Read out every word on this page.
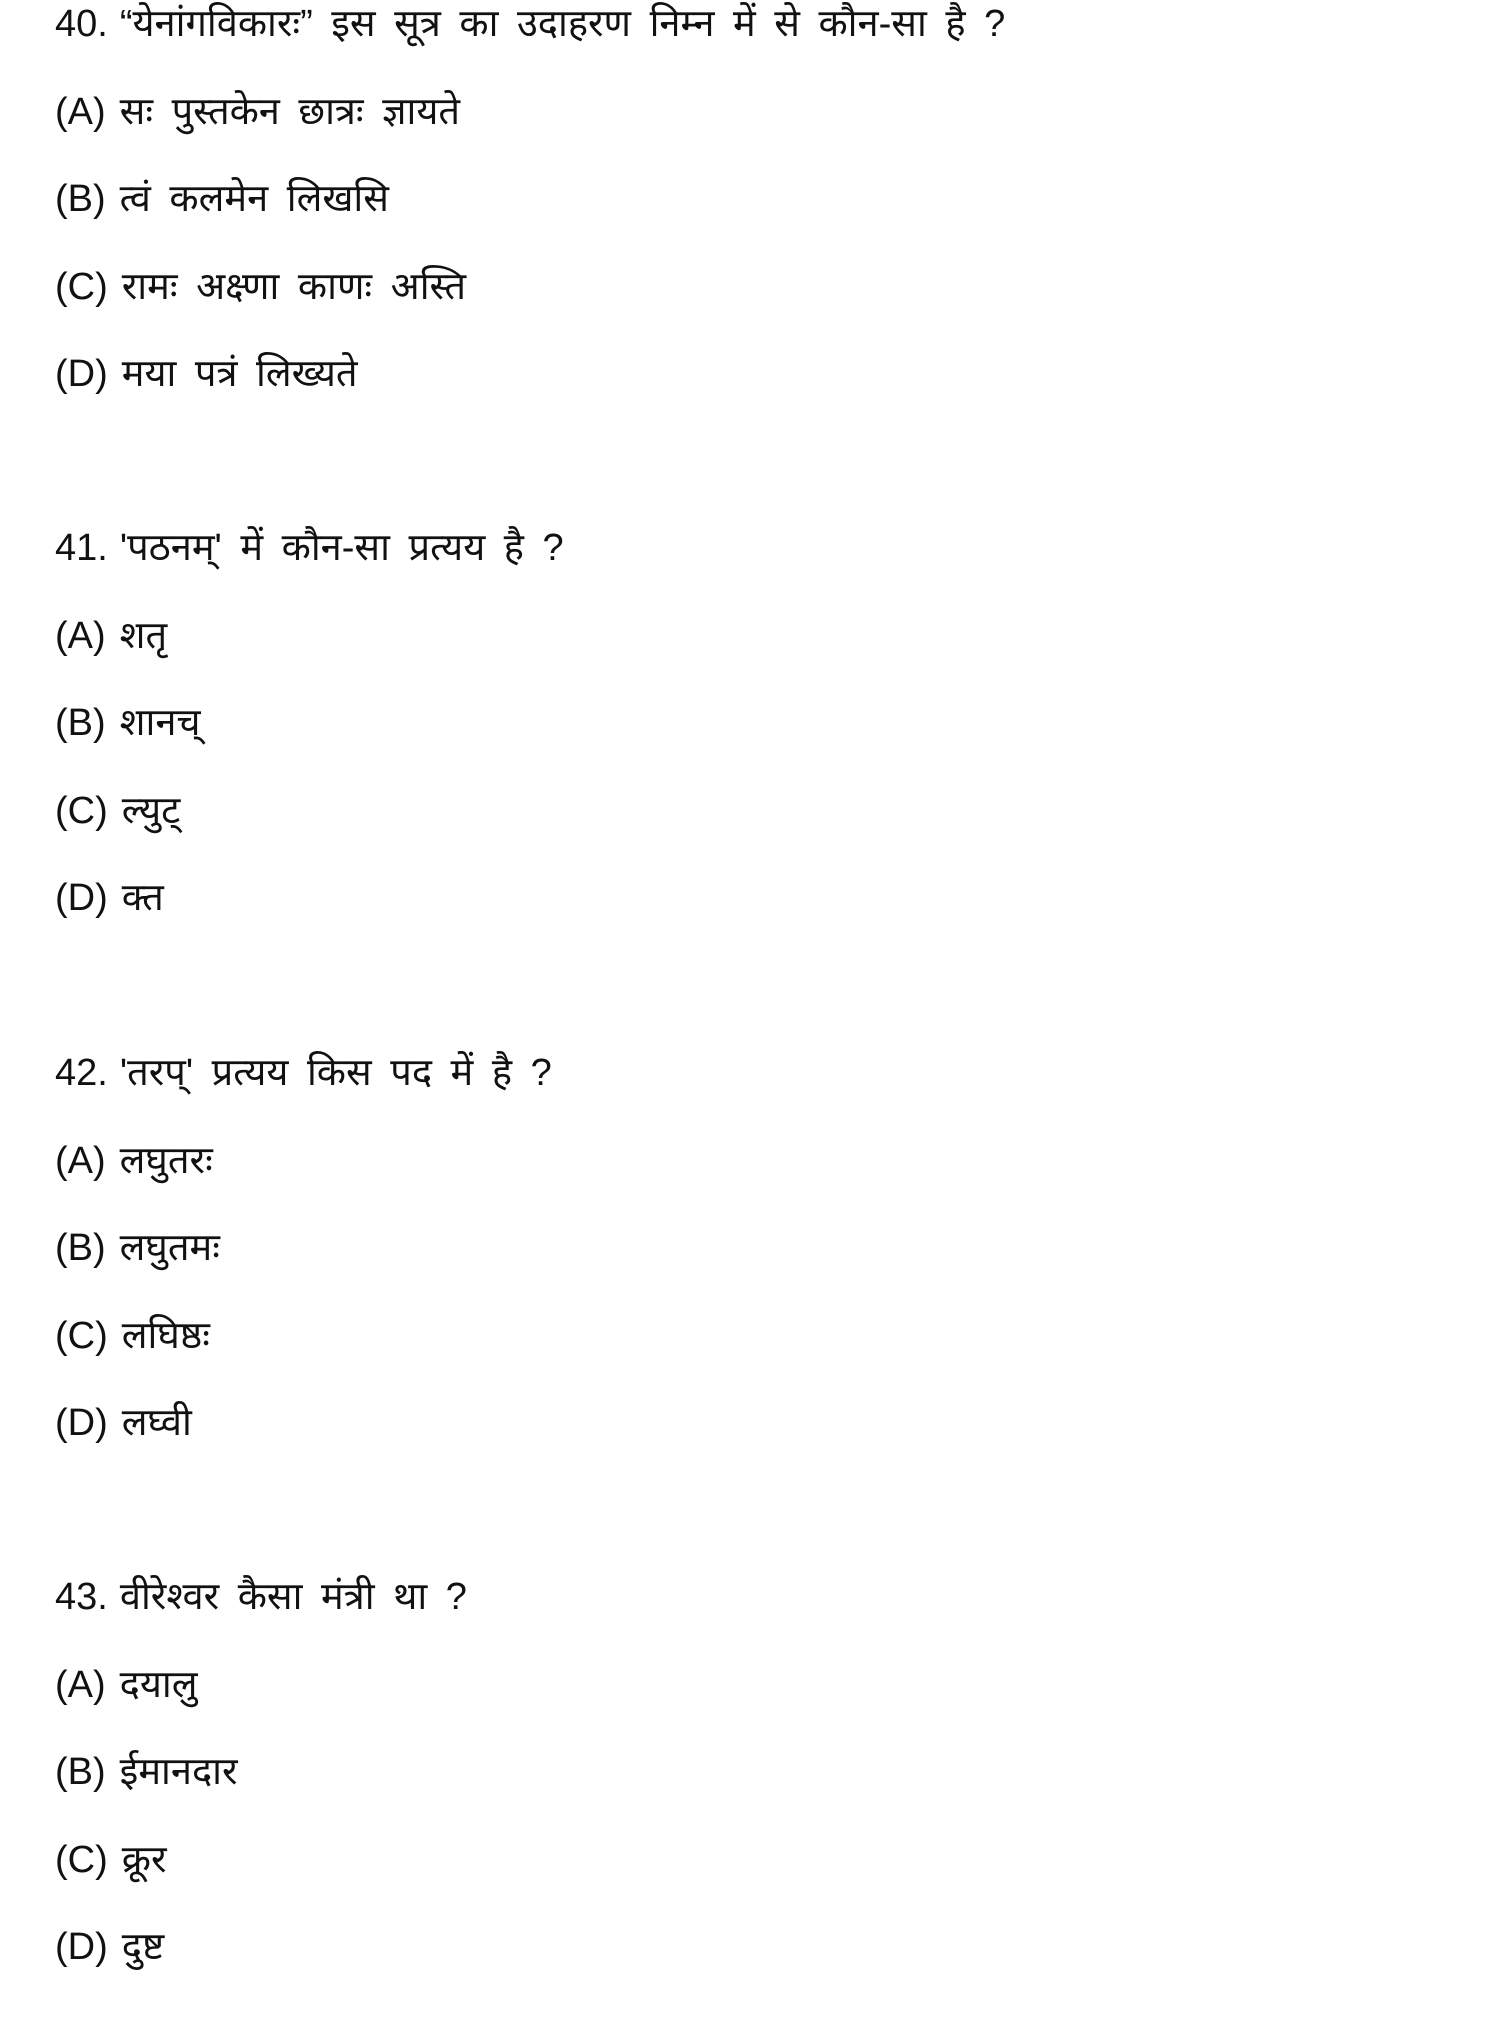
40. “येनांगविकारः” इस सूत्र का उदाहरण निम्न में से कौन-सा है ?
(A) सः पुस्तकेन छात्रः ज्ञायते
(B) त्वं कलमेन लिखसि
(C) रामः अक्ष्णा काणः अस्ति
(D) मया पत्रं लिख्यते
41. 'पठनम्' में कौन-सा प्रत्यय है ?
(A) शतृ
(B) शानच्
(C) ल्युट्
(D) क्त
42. 'तरप्' प्रत्यय किस पद में है ?
(A) लघुतरः
(B) लघुतमः
(C) लघिष्ठः
(D) लघ्वी
43. वीरेश्वर कैसा मंत्री था ?
(A) दयालु
(B) ईमानदार
(C) क्रूर
(D) दुष्ट
